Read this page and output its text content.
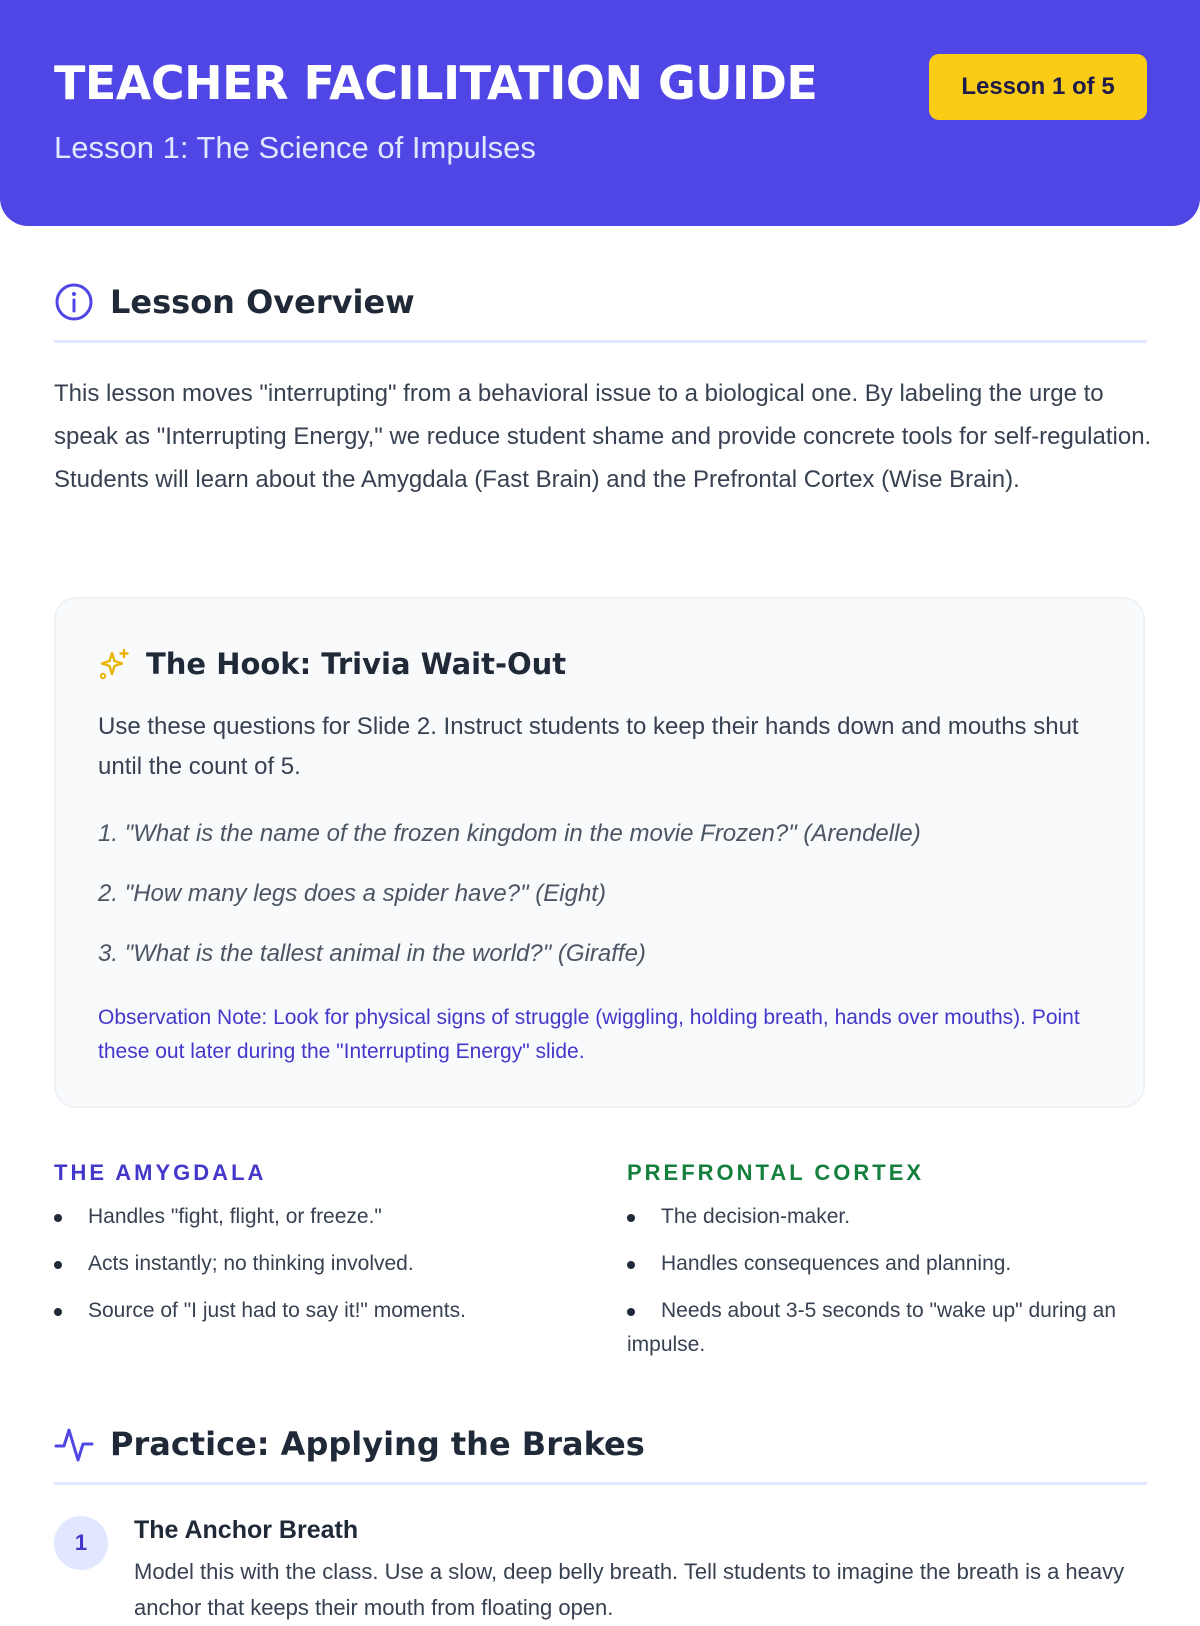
TEACHER FACILITATION GUIDE

Lesson 1: The Science of Impulses

Lesson 1 of 5
Lesson Overview

This lesson moves "interrupting" from a behavioral issue to a biological one. By labeling the urge to speak as "Interrupting Energy," we reduce student shame and provide concrete tools for self-regulation. Students will learn about the Amygdala (Fast Brain) and the Prefrontal Cortex (Wise Brain).

The Hook: Trivia Wait-Out

Use these questions for Slide 2. Instruct students to keep their hands down and mouths shut until the count of 5.

1. "What is the name of the frozen kingdom in the movie Frozen?" (Arendelle)
2. "How many legs does a spider have?" (Eight)
3. "What is the tallest animal in the world?" (Giraffe)

Observation Note: Look for physical signs of struggle (wiggling, holding breath, hands over mouths). Point these out later during the "Interrupting Energy" slide.

THE AMYGDALA
Handles "fight, flight, or freeze."
Acts instantly; no thinking involved.
Source of "I just had to say it!" moments.
PREFRONTAL CORTEX
The decision-maker.
Handles consequences and planning.
Needs about 3-5 seconds to "wake up" during an impulse.
Practice: Applying the Brakes
1	The Anchor Breath

Model this with the class. Use a slow, deep belly breath. Tell students to imagine the breath is a heavy anchor that keeps their mouth from floating open.
